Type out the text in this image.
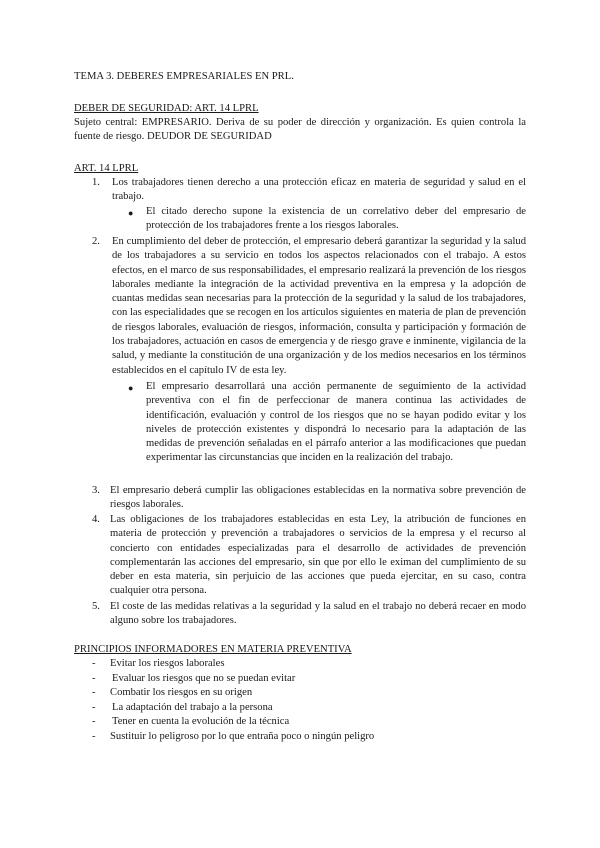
TEMA 3. DEBERES EMPRESARIALES EN PRL.
DEBER DE SEGURIDAD: ART. 14 LPRL

Sujeto central: EMPRESARIO. Deriva de su poder de dirección y organización. Es quien controla la fuente de riesgo. DEUDOR DE SEGURIDAD

ART. 14 LPRL
1. Los trabajadores tienen derecho a una protección eficaz en materia de seguridad y salud en el trabajo.

● El citado derecho supone la existencia de un correlativo deber del empresario de protección de los trabajadores frente a los riesgos laborales.

2. En cumplimiento del deber de protección, el empresario deberá garantizar la seguridad y la salud de los trabajadores a su servicio en todos los aspectos relacionados con el trabajo. A estos efectos, en el marco de sus responsabilidades, el empresario realizará la prevención de los riesgos laborales mediante la integración de la actividad preventiva en la empresa y la adopción de cuantas medidas sean necesarias para la protección de la seguridad y la salud de los trabajadores, con las especialidades que se recogen en los artículos siguientes en materia de plan de prevención de riesgos laborales, evaluación de riesgos, información, consulta y participación y formación de los trabajadores, actuación en casos de emergencia y de riesgo grave e inminente, vigilancia de la salud, y mediante la constitución de una organización y de los medios necesarios en los términos establecidos en el capítulo IV de esta ley.

● El empresario desarrollará una acción permanente de seguimiento de la actividad preventiva con el fin de perfeccionar de manera continua las actividades de identificación, evaluación y control de los riesgos que no se hayan podido evitar y los niveles de protección existentes y dispondrá lo necesario para la adaptación de las medidas de prevención señaladas en el párrafo anterior a las modificaciones que puedan experimentar las circunstancias que inciden en la realización del trabajo.

3. El empresario deberá cumplir las obligaciones establecidas en la normativa sobre prevención de riesgos laborales.

4. Las obligaciones de los trabajadores establecidas en esta Ley, la atribución de funciones en materia de protección y prevención a trabajadores o servicios de la empresa y el recurso al concierto con entidades especializadas para el desarrollo de actividades de prevención complementarán las acciones del empresario, sin que por ello le eximan del cumplimiento de su deber en esta materia, sin perjuicio de las acciones que pueda ejercitar, en su caso, contra cualquier otra persona.

5. El coste de las medidas relativas a la seguridad y la salud en el trabajo no deberá recaer en modo alguno sobre los trabajadores.

PRINCIPIOS INFORMADORES EN MATERIA PREVENTIVA
- Evitar los riesgos laborales
- Evaluar los riesgos que no se puedan evitar
- Combatir los riesgos en su origen
- La adaptación del trabajo a la persona
- Tener en cuenta la evolución de la técnica
- Sustituir lo peligroso por lo que entraña poco o ningún peligro
